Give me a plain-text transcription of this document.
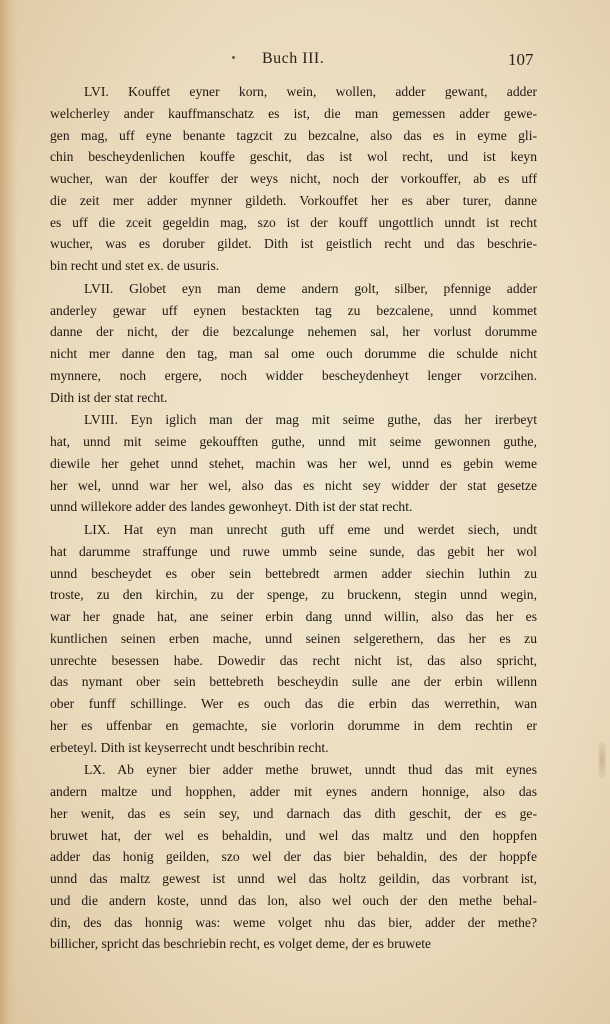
Buch III.	107
LVI. Kouffet eyner korn, wein, wollen, adder gewant, adder
welcherley ander kauffmanschatz es ist, die man gemessen adder gewe-
gen mag, uff eyne benante tagzcit zu bezcalne, also das es in eyme gli-
chin bescheydenlichen kouffe geschit, das ist wol recht, und ist keyn
wucher, wan der kouffer der weys nicht, noch der vorkouffer, ab es uff
die zeit mer adder mynner gildeth. Vorkouffet her es aber turer, danne
es uff die zceit gegeldin mag, szo ist der kouff ungottlich unndt ist recht
wucher, was es doruber gildet. Dith ist geistlich recht und das beschrie-
bin recht und stet ex. de usuris.
LVII. Globet eyn man deme andern golt, silber, pfennige adder
anderley gewar uff eynen bestackten tag zu bezcalene, unnd kommet
danne der nicht, der die bezcalunge nehemen sal, her vorlust dorumme
nicht mer danne den tag, man sal ome ouch dorumme die schulde nicht
mynnere, noch ergere, noch widder bescheydenheyt lenger vorzcihen.
Dith ist der stat recht.
LVIII. Eyn iglich man der mag mit seime guthe, das her irerbeyt
hat, unnd mit seime gekoufften guthe, unnd mit seime gewonnen guthe,
diewile her gehet unnd stehet, machin was her wel, unnd es gebin weme
her wel, unnd war her wel, also das es nicht sey widder der stat gesetze
unnd willekore adder des landes gewonheyt. Dith ist der stat recht.
LIX. Hat eyn man unrecht guth uff eme und werdet siech, undt
hat darumme straffunge und ruwe ummb seine sunde, das gebit her wol
unnd bescheydet es ober sein bettebredt armen adder siechin luthin zu
troste, zu den kirchin, zu der spenge, zu bruckenn, stegin unnd wegin,
war her gnade hat, ane seiner erbin dang unnd willin, also das her es
kuntlichen seinen erben mache, unnd seinen selgerethern, das her es zu
unrechte besessen habe. Dowedir das recht nicht ist, das also spricht,
das nymant ober sein bettebreth bescheydin sulle ane der erbin willenn
ober funff schillinge. Wer es ouch das die erbin das werrethin, wan
her es uffenbar en gemachte, sie vorlorin dorumme in dem rechtin er
erbeteyl. Dith ist keyserrecht undt beschribin recht.
LX. Ab eyner bier adder methe bruwet, unndt thud das mit eynes
andern maltze und hopphen, adder mit eynes andern honnige, also das
her wenit, das es sein sey, und darnach das dith geschit, der es ge-
bruwet hat, der wel es behaldin, und wel das maltz und den hoppfen
adder das honig geilden, szo wel der das bier behaldin, des der hoppfe
unnd das maltz gewest ist unnd wel das holtz geildin, das vorbrant ist,
und die andern koste, unnd das lon, also wel ouch der den methe behal-
din, des das honnig was: weme volget nhu das bier, adder der methe?
billicher, spricht das beschriebin recht, es volget deme, der es bruwete
